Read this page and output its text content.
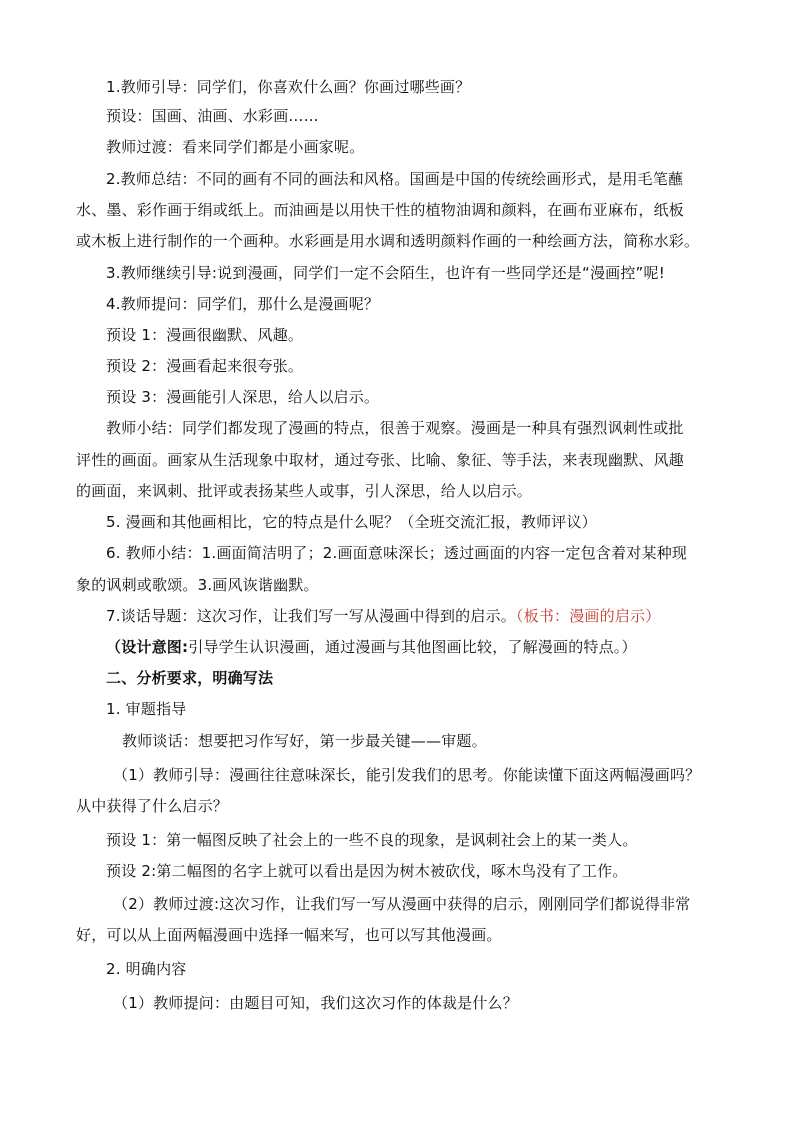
1.教师引导：同学们，你喜欢什么画？你画过哪些画？
预设：国画、油画、水彩画……
教师过渡：看来同学们都是小画家呢。
2.教师总结：不同的画有不同的画法和风格。国画是中国的传统绘画形式，是用毛笔蘸
水、墨、彩作画于绢或纸上。而油画是以用快干性的植物油调和颜料，在画布亚麻布，纸板
或木板上进行制作的一个画种。水彩画是用水调和透明颜料作画的一种绘画方法，简称水彩。
3.教师继续引导:说到漫画，同学们一定不会陌生，也许有一些同学还是“漫画控”呢!
4.教师提问：同学们，那什么是漫画呢？
预设 1：漫画很幽默、风趣。
预设 2：漫画看起来很夸张。
预设 3：漫画能引人深思，给人以启示。
教师小结：同学们都发现了漫画的特点，很善于观察。漫画是一种具有强烈讽刺性或批
评性的画面。画家从生活现象中取材，通过夸张、比喻、象征、等手法，来表现幽默、风趣
的画面，来讽刺、批评或表扬某些人或事，引人深思，给人以启示。
5. 漫画和其他画相比，它的特点是什么呢？（全班交流汇报，教师评议）
6. 教师小结：1.画面简洁明了；2.画面意味深长；透过画面的内容一定包含着对某种现
象的讽刺或歌颂。3.画风诙谐幽默。
7.谈话导题：这次习作，让我们写一写从漫画中得到的启示。（板书：漫画的启示）
（设计意图:引导学生认识漫画，通过漫画与其他图画比较，了解漫画的特点。）
二、分析要求，明确写法
1. 审题指导
教师谈话：想要把习作写好，第一步最关键——审题。
（1）教师引导：漫画往往意味深长，能引发我们的思考。你能读懂下面这两幅漫画吗？
从中获得了什么启示？
预设 1：第一幅图反映了社会上的一些不良的现象，是讽刺社会上的某一类人。
预设 2:第二幅图的名字上就可以看出是因为树木被砍伐，啄木鸟没有了工作。
（2）教师过渡:这次习作，让我们写一写从漫画中获得的启示，刚刚同学们都说得非常
好，可以从上面两幅漫画中选择一幅来写，也可以写其他漫画。
2. 明确内容
（1）教师提问：由题目可知，我们这次习作的体裁是什么？
